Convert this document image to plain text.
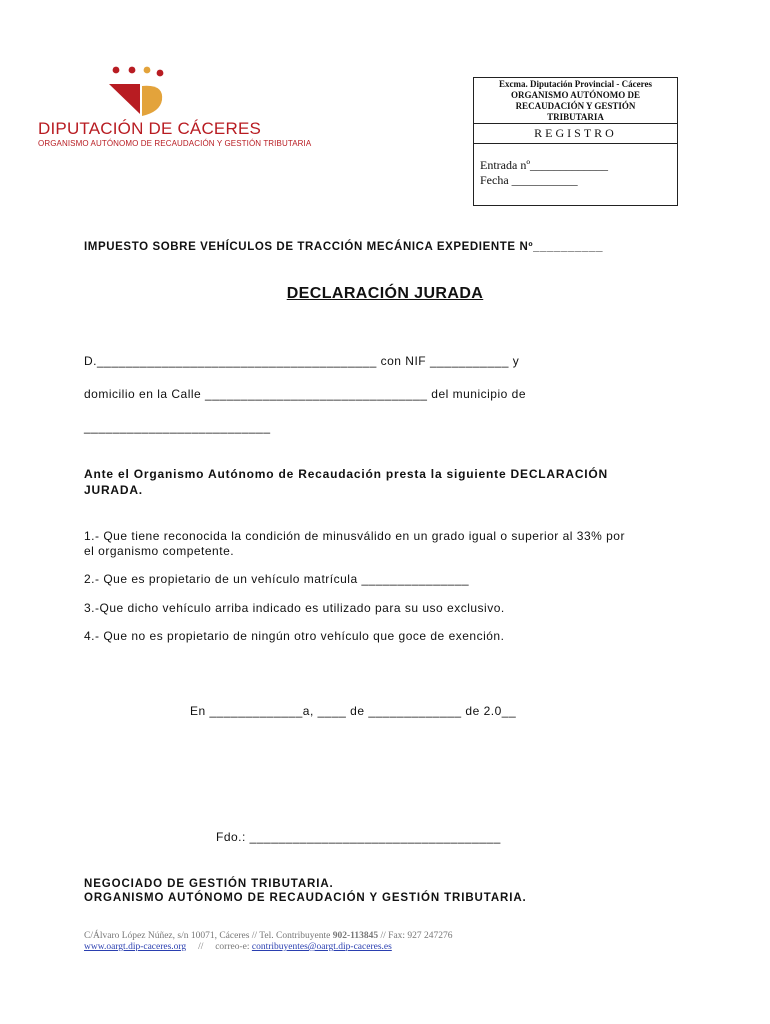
DIPUTACIÓN DE CÁCERES
ORGANISMO AUTÓNOMO DE RECAUDACIÓN Y GESTIÓN TRIBUTARIA
Excma. Diputación Provincial - Cáceres
ORGANISMO AUTÓNOMO DE
RECAUDACIÓN Y GESTIÓN
TRIBUTARIA
REGISTRO
Entrada nº_____________
Fecha ___________
IMPUESTO SOBRE VEHÍCULOS DE TRACCIÓN MECÁNICA EXPEDIENTE Nº__________
DECLARACIÓN JURADA
D._______________________________________ con NIF ___________ y
domicilio en la Calle _______________________________ del municipio de
__________________________
Ante el Organismo Autónomo de Recaudación presta la siguiente DECLARACIÓN
JURADA.
1.- Que tiene reconocida la condición de minusválido en un grado igual o superior al 33% por
el organismo competente.
2.- Que es propietario de un vehículo matrícula _______________
3.-Que dicho vehículo arriba indicado es utilizado para su uso exclusivo.
4.- Que no es propietario de ningún otro vehículo que goce de exención.
En _____________a, ____ de _____________ de 2.0__
Fdo.: ___________________________________
NEGOCIADO DE GESTIÓN TRIBUTARIA.
ORGANISMO AUTÓNOMO DE RECAUDACIÓN Y GESTIÓN TRIBUTARIA.
C/Álvaro López Núñez, s/n 10071, Cáceres // Tel. Contribuyente 902-113845 // Fax: 927 247276
www.oargt.dip-caceres.org     //     correo-e: contribuyentes@oargt.dip-caceres.es
